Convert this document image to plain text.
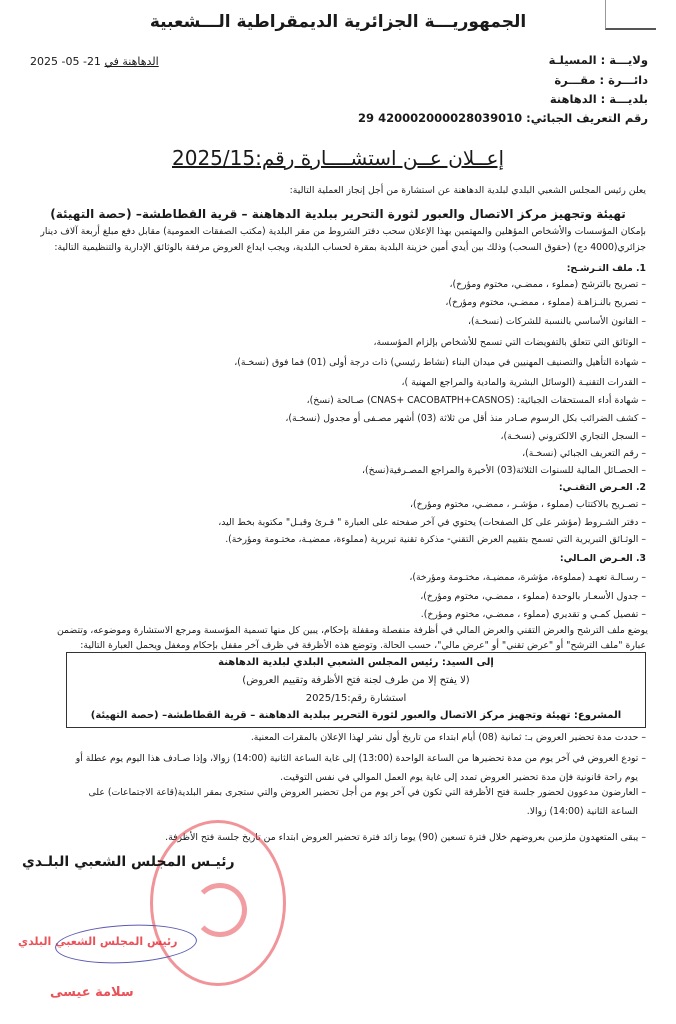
الجمهوريـــة الجزائرية الديمقراطية الـــشعبية
الدهاهنة في 21- 05- 2025	ولايـــة : المسيلـة
دائـــرة : مقـــرة
بلديـــة : الدهاهنة
رقم التعريف الجبائي: 420002000028039010 29
إعــلان عــن استشــــارة رقم:2025/15
يعلن رئيس المجلس الشعبي البلدي لبلدية الدهاهنة عن استشارة من أجل إنجاز العملية التالية:
تهيئة وتجهيز مركز الاتصال والعبور لثورة التحرير ببلدية الدهاهنة – قرية القطاطشة– (حصة التهيئة)
بإمكان المؤسسات والأشخاص المؤهلين والمهتمين بهذا الإعلان سحب دفتر الشروط من مقر البلدية (مكتب الصفقات العمومية) مقابل دفع مبلغ أربعة آلاف دينار
جزائري(4000 دج) (حقوق السحب) وذلك بين أيدي أمين خزينة البلدية بمقرة لحساب البلدية، ويجب ايداع العروض مرفقة بالوثائق الإدارية والتنظيمية التالية:
1. ملف التـرشـح:
– تصريح بالترشح (مملوء ، ممضـي، مختوم ومؤرخ)،
– تصريح بالنـزاهـة (مملوء ، ممضـي، مختوم ومؤرخ)،
– القانون الأساسي بالنسبة للشركات (نسخـة)،
– الوثائق التي تتعلق بالتفويضات التي تسمح للأشخاص بإلزام المؤسسة،
– شهادة التأهيل والتصنيف المهنيين في ميدان البناء (نشاط رئيسي) ذات درجة أولى (01) فما فوق (نسخـة)،
– القدرات التقنيـة (الوسائل البشرية والمادية والمراجع المهنية )،
– شهادة أداء المستحقات الجبائية: (CNAS+ CACOBATPH+CASNOS) صـالحة (نسخ)،
– كشف الضرائب بكل الرسوم صـادر منذ أقل من ثلاثة (03) أشهر مصـفى أو مجدول (نسخـة)،
– السجل التجاري الالكتروني (نسخـة)،
– رقم التعريف الجبائي (نسخـة)،
– الحصـائل المالية للسنوات الثلاثة(03) الأخيرة والمراجع المصـرفية(نسخ)،
2. العـرض التقنـي:
– تصـريح بالاكتتاب (مملوء ، مؤشـر ، ممضـي، مختوم ومؤرخ)،
– دفتر الشـروط (مؤشر على كل الصفحات) يحتوي في آخر صفحته على العبارة " قـرئ وقبـل" مكتوبة بخط اليد،
– الوثـائق التبريرية التي تسمح بتقييم العرض التقني- مذكرة تقنية تبريرية (مملوءة، ممضيـة، مختـومة ومؤرخة).
3. العـرض المـالي:
– رسـالـة تعهـد (مملوءة، مؤشرة، ممضيـة، مختـومة ومؤرخة)،
– جدول الأسعـار بالوحدة (مملوء ، ممضـي، مختوم ومؤرخ)،
– تفصيل كمـي و تقديري (مملوء ، ممضـي، مختوم ومؤرخ).
يوضع ملف الترشح والعرض التقني والعرض المالي في أظرفة منفصلة ومقفلة بإحكام، يبين كل منها تسمية المؤسسة ومرجع الاستشارة وموضوعه، وتتضمن
عبارة "ملف الترشح" أو "عرض تقني" أو "عرض مالي"، حسب الحالة. وتوضع هذه الأظرفة في ظرف آخر مقفل بإحكام ومغفل ويحمل العبارة التالية:
إلى السيد: رئيس المجلس الشعبي البلدي لبلدية الدهاهنة
(لا يفتح إلا من طرف لجنة فتح الأظرفة وتقييم العروض)
استشارة رقم:2025/15
المشروع: تهيئة وتجهيز مركز الاتصال والعبور لثورة التحرير ببلدية الدهاهنة – قرية القطاطشة– (حصة التهيئة)
– حددت مدة تحضير العروض بـ: ثمانية (08) أيام ابتداء من تاريخ أول نشر لهذا الإعلان بالمقرات المعنية.
– تودع العروض في آخر يوم من مدة تحضيرها من الساعة الواحدة (13:00) إلى غاية الساعة الثانية (14:00) زوالا، وإذا صـادف هذا اليوم يوم عطلة أو
يوم راحة قانونية فإن مدة تحضير العروض تمدد إلى غاية يوم العمل الموالي في نفس التوقيت.
– العارضون مدعوون لحضور جلسة فتح الأظرفة التي تكون في آخر يوم من أجل تحضير العروض والتي ستجرى بمقر البلدية(قاعة الاجتماعات) على
الساعة الثانية (14:00) زوالا.
– يبقى المتعهدون ملزمين بعروضهم خلال فترة تسعين (90) يوما زائد فترة تحضير العروض ابتداء من تاريخ جلسة فتح الأظرفة.
رئيـس المجلس الشعبي البلـدي
رئيس المجلس الشعبي البلدي
سلامة عيسى
